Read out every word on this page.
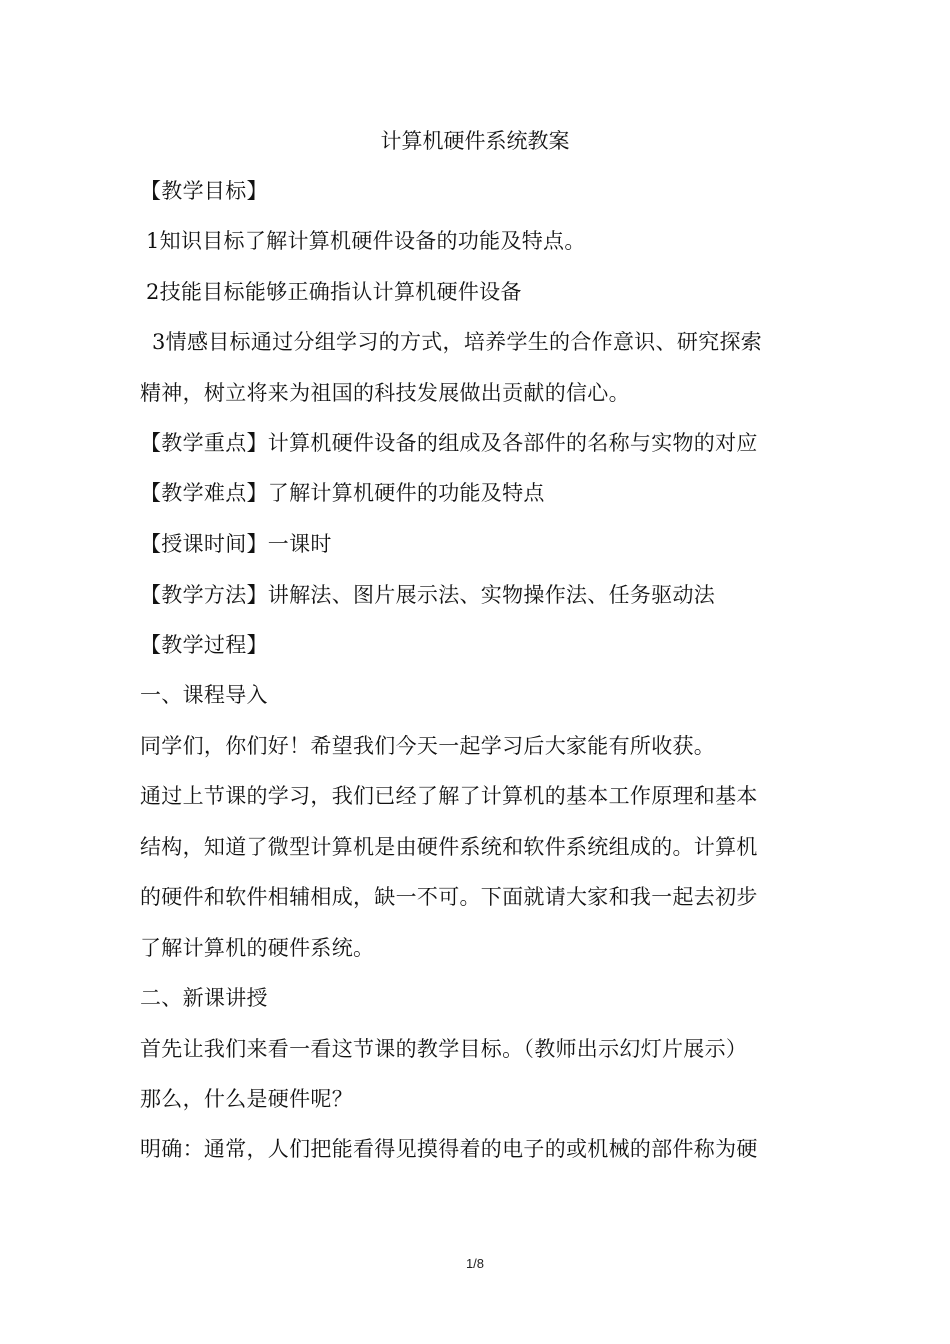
计算机硬件系统教案
【教学目标】
1知识目标了解计算机硬件设备的功能及特点。
2技能目标能够正确指认计算机硬件设备
3情感目标通过分组学习的方式，培养学生的合作意识、研究探索
精神，树立将来为祖国的科技发展做出贡献的信心。
【教学重点】计算机硬件设备的组成及各部件的名称与实物的对应
【教学难点】了解计算机硬件的功能及特点
【授课时间】一课时
【教学方法】讲解法、图片展示法、实物操作法、任务驱动法
【教学过程】
一、课程导入
同学们，你们好！希望我们今天一起学习后大家能有所收获。
通过上节课的学习，我们已经了解了计算机的基本工作原理和基本
结构，知道了微型计算机是由硬件系统和软件系统组成的。计算机
的硬件和软件相辅相成，缺一不可。下面就请大家和我一起去初步
了解计算机的硬件系统。
二、新课讲授
首先让我们来看一看这节课的教学目标。（教师出示幻灯片展示）
那么，什么是硬件呢？
明确：通常，人们把能看得见摸得着的电子的或机械的部件称为硬
1/8
